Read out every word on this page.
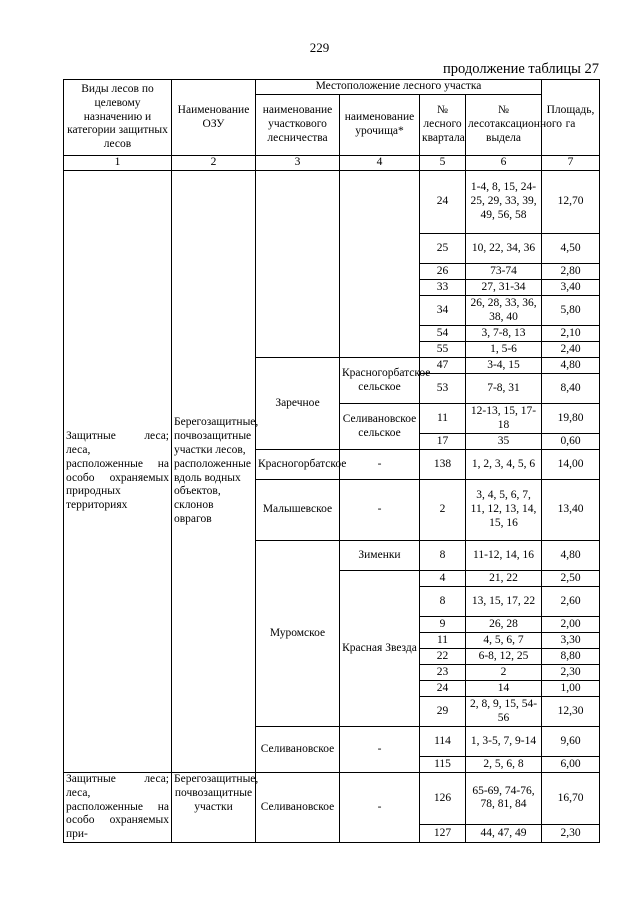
229
продолжение таблицы 27
Виды лесов по целевому назначению и категории защитных лесов	Наименование ОЗУ	Местоположение лесного участка				Площадь, га
		наименование участкового лесничества	наименование урочища*	№ лесного квартала	№ лесотаксационного выдела	
1	2	3	4	5	6	7
Защитные леса; леса, расположенные на особо охраняемых природных территориях	Берегозащитные, почвозащитные участки лесов, расположенные вдоль водных объектов, склонов оврагов			24	1-4, 8, 15, 24-25, 29, 33, 39, 49, 56, 58	12,70
				25	10, 22, 34, 36	4,50
				26	73-74	2,80
				33	27, 31-34	3,40
				34	26, 28, 33, 36, 38, 40	5,80
				54	3, 7-8, 13	2,10
				55	1, 5-6	2,40
		Заречное	Красногорбатское сельское	47	3-4, 15	4,80
				53	7-8, 31	8,40
			Селивановское сельское	11	12-13, 15, 17-18	19,80
				17	35	0,60
		Красногорбатское	-	138	1, 2, 3, 4, 5, 6	14,00
		Малышевское	-	2	3, 4, 5, 6, 7, 11, 12, 13, 14, 15, 16	13,40
		Муромское	Зименки	8	11-12, 14, 16	4,80
			Красная Звезда	4	21, 22	2,50
				8	13, 15, 17, 22	2,60
				9	26, 28	2,00
				11	4, 5, 6, 7	3,30
				22	6-8, 12, 25	8,80
				23	2	2,30
				24	14	1,00
				29	2, 8, 9, 15, 54-56	12,30
		Селивановское	-	114	1, 3-5, 7, 9-14	9,60
				115	2, 5, 6, 8	6,00
Защитные леса; леса, расположенные на особо охраняемых при-	Берегозащитные, почвозащитные участки	Селивановское	-	126	65-69, 74-76, 78, 81, 84	16,70
				127	44, 47, 49	2,30
